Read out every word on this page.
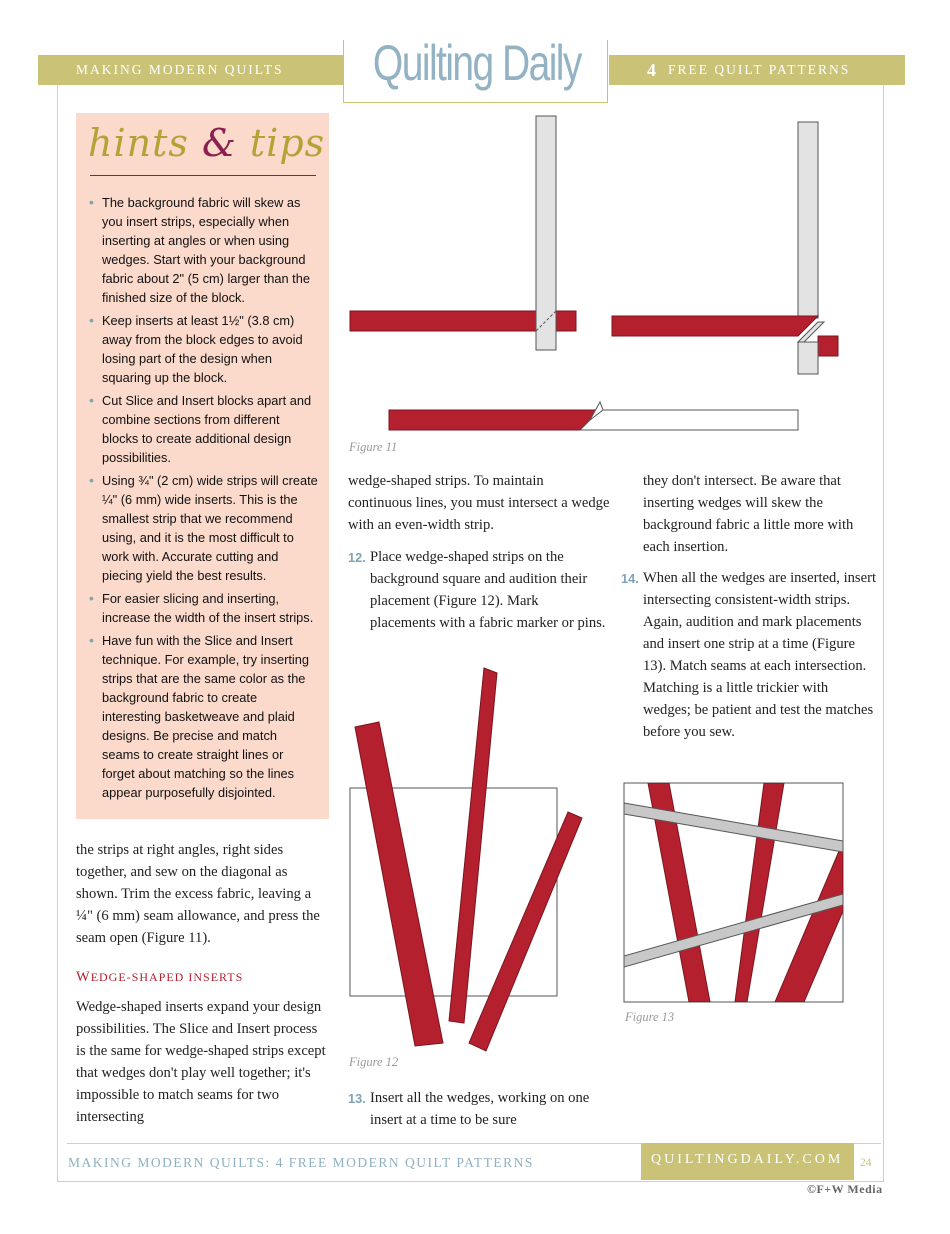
MAKING MODERN QUILTS	4 FREE QUILT PATTERNS
Quilting Daily
hints & tips
• The background fabric will skew as you insert strips, especially when inserting at angles or when using wedges. Start with your background fabric about 2" (5 cm) larger than the finished size of the block.
• Keep inserts at least 1½" (3.8 cm) away from the block edges to avoid losing part of the design when squaring up the block.
• Cut Slice and Insert blocks apart and combine sections from different blocks to create additional design possibilities.
• Using ¾" (2 cm) wide strips will create ¼" (6 mm) wide inserts. This is the smallest strip that we recommend using, and it is the most difficult to work with. Accurate cutting and piecing yield the best results.
• For easier slicing and inserting, increase the width of the insert strips.
• Have fun with the Slice and Insert technique. For example, try inserting strips that are the same color as the background fabric to create interesting basketweave and plaid designs. Be precise and match seams to create straight lines or forget about matching so the lines appear purposefully disjointed.
the strips at right angles, right sides together, and sew on the diagonal as shown. Trim the excess fabric, leaving a ¼" (6 mm) seam allowance, and press the seam open (Figure 11).
WEDGE-SHAPED INSERTS
Wedge-shaped inserts expand your design possibilities. The Slice and Insert process is the same for wedge-shaped strips except that wedges don't play well together; it's impossible to match seams for two intersecting
Figure 11
wedge-shaped strips. To maintain continuous lines, you must intersect a wedge with an even-width strip.
12. Place wedge-shaped strips on the background square and audition their placement (Figure 12). Mark placements with a fabric marker or pins.
Figure 12
13. Insert all the wedges, working on one insert at a time to be sure
they don't intersect. Be aware that inserting wedges will skew the background fabric a little more with each insertion.
14. When all the wedges are inserted, insert intersecting consistent-width strips. Again, audition and mark placements and insert one strip at a time (Figure 13). Match seams at each intersection. Matching is a little trickier with wedges; be patient and test the matches before you sew.
Figure 13
MAKING MODERN QUILTS: 4 FREE MODERN QUILT PATTERNS	QUILTINGDAILY.COM 24
©F+W Media
